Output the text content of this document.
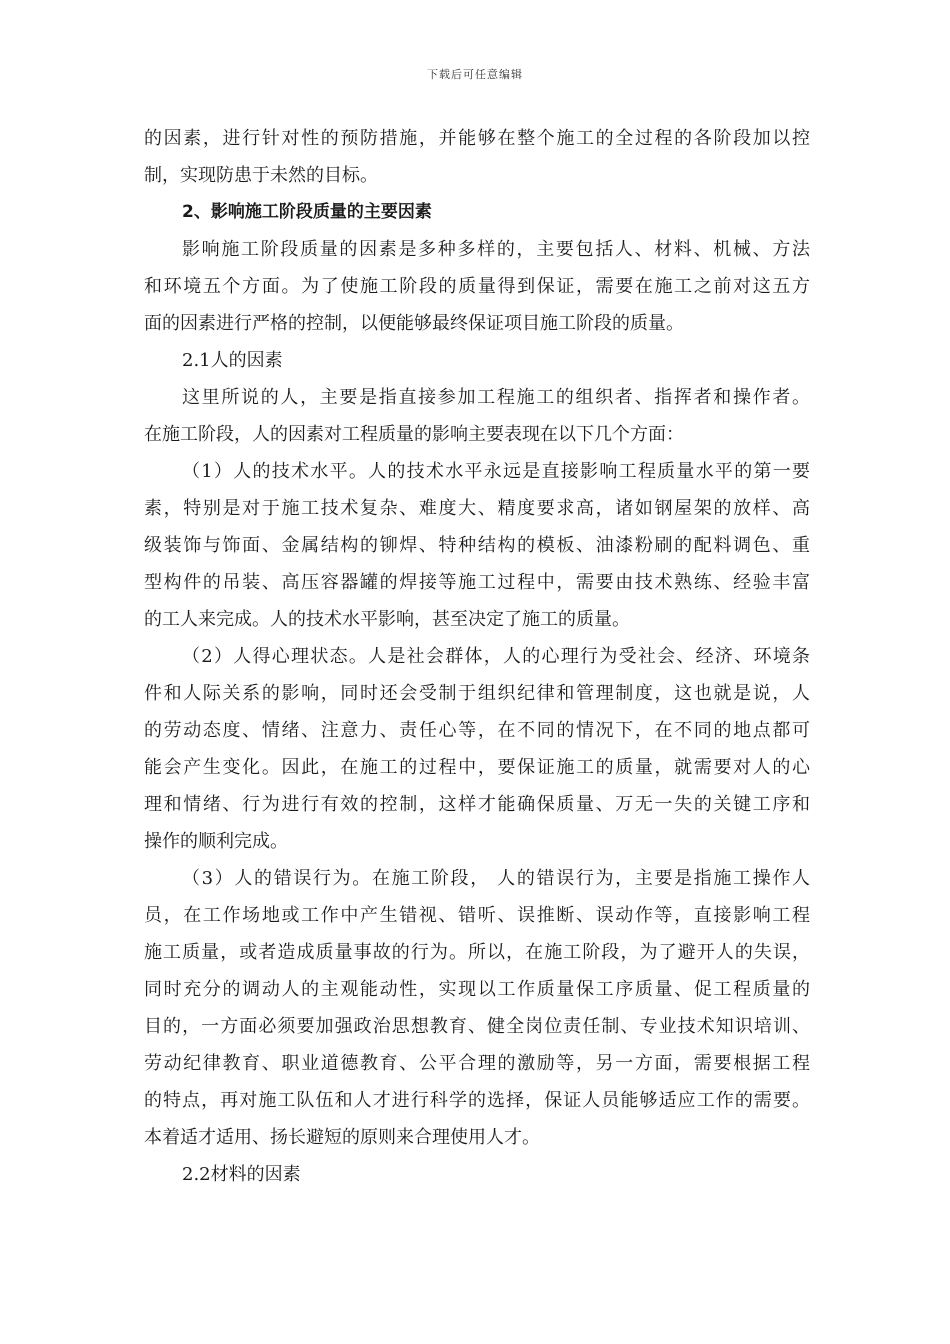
下载后可任意编辑
的因素，进行针对性的预防措施，并能够在整个施工的全过程的各阶段加以控
制，实现防患于未然的目标。
2、影响施工阶段质量的主要因素
影响施工阶段质量的因素是多种多样的，主要包括人、材料、机械、方法
和环境五个方面。为了使施工阶段的质量得到保证，需要在施工之前对这五方
面的因素进行严格的控制，以便能够最终保证项目施工阶段的质量。
2.1人的因素
这里所说的人，主要是指直接参加工程施工的组织者、指挥者和操作者。
在施工阶段，人的因素对工程质量的影响主要表现在以下几个方面：
（1）人的技术水平。人的技术水平永远是直接影响工程质量水平的第一要
素，特别是对于施工技术复杂、难度大、精度要求高，诸如钢屋架的放样、高
级装饰与饰面、金属结构的铆焊、特种结构的模板、油漆粉刷的配料调色、重
型构件的吊装、高压容器罐的焊接等施工过程中，需要由技术熟练、经验丰富
的工人来完成。人的技术水平影响，甚至决定了施工的质量。
（2）人得心理状态。人是社会群体，人的心理行为受社会、经济、环境条
件和人际关系的影响，同时还会受制于组织纪律和管理制度，这也就是说，人
的劳动态度、情绪、注意力、责任心等，在不同的情况下，在不同的地点都可
能会产生变化。因此，在施工的过程中，要保证施工的质量，就需要对人的心
理和情绪、行为进行有效的控制，这样才能确保质量、万无一失的关键工序和
操作的顺利完成。
（3）人的错误行为。在施工阶段， 人的错误行为，主要是指施工操作人
员，在工作场地或工作中产生错视、错听、误推断、误动作等，直接影响工程
施工质量，或者造成质量事故的行为。所以，在施工阶段，为了避开人的失误，
同时充分的调动人的主观能动性，实现以工作质量保工序质量、促工程质量的
目的，一方面必须要加强政治思想教育、健全岗位责任制、专业技术知识培训、
劳动纪律教育、职业道德教育、公平合理的激励等，另一方面，需要根据工程
的特点，再对施工队伍和人才进行科学的选择，保证人员能够适应工作的需要。
本着适才适用、扬长避短的原则来合理使用人才。
2.2材料的因素
